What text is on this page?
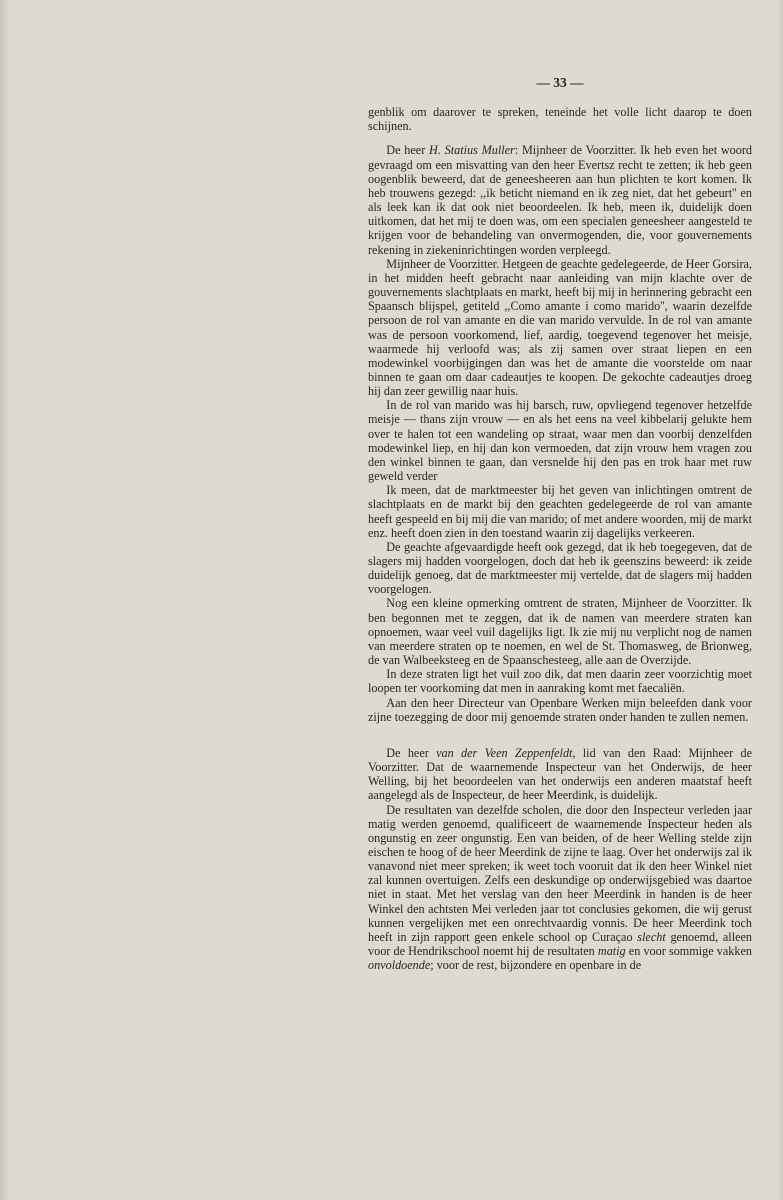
— 33 —

genblik om daarover te spreken, teneinde het volle licht daarop te doen schijnen.

De heer H. Statius Muller: Mijnheer de Voorzitter. Ik heb even het woord gevraagd om een misvatting van den heer Evertsz recht te zetten; ik heb geen oogenblik beweerd, dat de geneesheeren aan hun plichten te kort komen. Ik heb trouwens gezegd: ,,ik beticht niemand en ik zeg niet, dat het gebeurt'' en als leek kan ik dat ook niet beoordeelen. Ik heb, meen ik, duidelijk doen uitkomen, dat het mij te doen was, om een specialen geneesheer aangesteld te krijgen voor de behandeling van onvermogenden, die, voor gouvernements rekening in ziekeninrichtingen worden verpleegd.

Mijnheer de Voorzitter. Hetgeen de geachte gedelegeerde, de Heer Gorsira, in het midden heeft gebracht naar aanleiding van mijn klachte over de gouvernements slachtplaats en markt, heeft bij mij in herinnering gebracht een Spaansch blijspel, getiteld ,,Como amante i como marido'', waarin dezelfde persoon de rol van amante en die van marido vervulde. In de rol van amante was de persoon voorkomend, lief, aardig, toegevend tegenover het meisje, waarmede hij verloofd was; als zij samen over straat liepen en een modewinkel voorbijgingen dan was het de amante die voorstelde om naar binnen te gaan om daar cadeautjes te koopen. De gekochte cadeautjes droeg hij dan zeer gewillig naar huis.

In de rol van marido was hij barsch, ruw, opvliegend tegenover hetzelfde meisje — thans zijn vrouw — en als het eens na veel kibbelarij gelukte hem over te halen tot een wandeling op straat, waar men dan voorbij denzelfden modewinkel liep, en hij dan kon vermoeden, dat zijn vrouw hem vragen zou den winkel binnen te gaan, dan versnelde hij den pas en trok haar met ruw geweld verder

Ik meen, dat de marktmeester bij het geven van inlichtingen omtrent de slachtplaats en de markt bij den geachten gedelegeerde de rol van amante heeft gespeeld en bij mij die van marido; of met andere woorden, mij de markt enz. heeft doen zien in den toestand waarin zij dagelijks verkeeren.

De geachte afgevaardigde heeft ook gezegd, dat ik heb toegegeven, dat de slagers mij hadden voorgelogen, doch dat heb ik geenszins beweerd: ik zeide duidelijk genoeg, dat de marktmeester mij vertelde, dat de slagers mij hadden voorgelogen.

Nog een kleine opmerking omtrent de straten, Mijnheer de Voorzitter. Ik ben begonnen met te zeggen, dat ik de namen van meerdere straten kan opnoemen, waar veel vuil dagelijks ligt. Ik zie mij nu verplicht nog de namen van meerdere straten op te noemen, en wel de St. Thomasweg, de Brionweg, de van Walbeeksteeg en de Spaanschesteeg, alle aan de Overzijde.

In deze straten ligt het vuil zoo dik, dat men daarin zeer voorzichtig moet loopen ter voorkoming dat men in aanraking komt met faecaliën.

Aan den heer Directeur van Openbare Werken mijn beleefden dank voor zijne toezegging de door mij genoemde straten onder handen te zullen nemen.

De heer van der Veen Zeppenfeldt, lid van den Raad: Mijnheer de Voorzitter. Dat de waarnemende Inspecteur van het Onderwijs, de heer Welling, bij het beoordeelen van het onderwijs een anderen maatstaf heeft aangelegd als de Inspecteur, de heer Meerdink, is duidelijk.

De resultaten van dezelfde scholen, die door den Inspecteur verleden jaar matig werden genoemd, qualificeert de waarnemende Inspecteur heden als ongunstig en zeer ongunstig. Een van beiden, of de heer Welling stelde zijn eischen te hoog of de heer Meerdink de zijne te laag. Over het onderwijs zal ik vanavond niet meer spreken; ik weet toch vooruit dat ik den heer Winkel niet zal kunnen overtuigen. Zelfs een deskundige op onderwijsgebied was daartoe niet in staat. Met het verslag van den heer Meerdink in handen is de heer Winkel den achtsten Mei verleden jaar tot conclusies gekomen, die wij gerust kunnen vergelijken met een onrechtvaardig vonnis. De heer Meerdink toch heeft in zijn rapport geen enkele school op Curaçao slecht genoemd, alleen voor de Hendrikschool noemt hij de resultaten matig en voor sommige vakken onvoldoende; voor de rest, bijzondere en openbare in de
